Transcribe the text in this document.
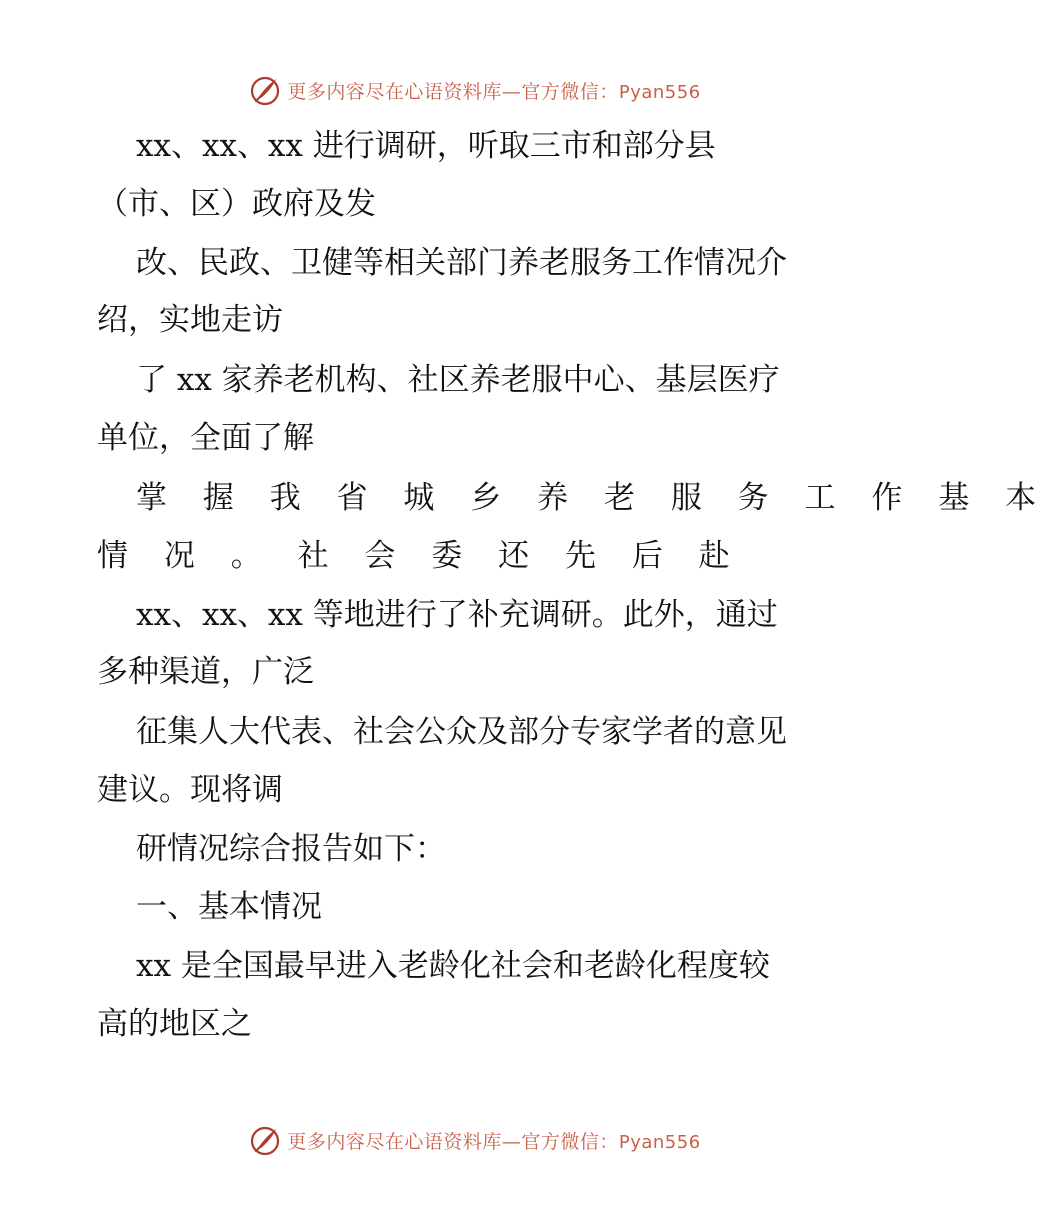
更多内容尽在心语资料库—官方微信：Pyan556
xx、xx、xx 进行调研，听取三市和部分县
（市、区）政府及发
改、民政、卫健等相关部门养老服务工作情况介
绍，实地走访
了 xx 家养老机构、社区养老服中心、基层医疗
单位，全面了解
掌 握 我 省 城 乡 养 老 服 务 工 作 基 本
情 况 。 社 会 委 还 先 后 赴
xx、xx、xx 等地进行了补充调研。此外，通过
多种渠道，广泛
征集人大代表、社会公众及部分专家学者的意见
建议。现将调
研情况综合报告如下：
一、基本情况
xx 是全国最早进入老龄化社会和老龄化程度较
高的地区之
更多内容尽在心语资料库—官方微信：Pyan556
